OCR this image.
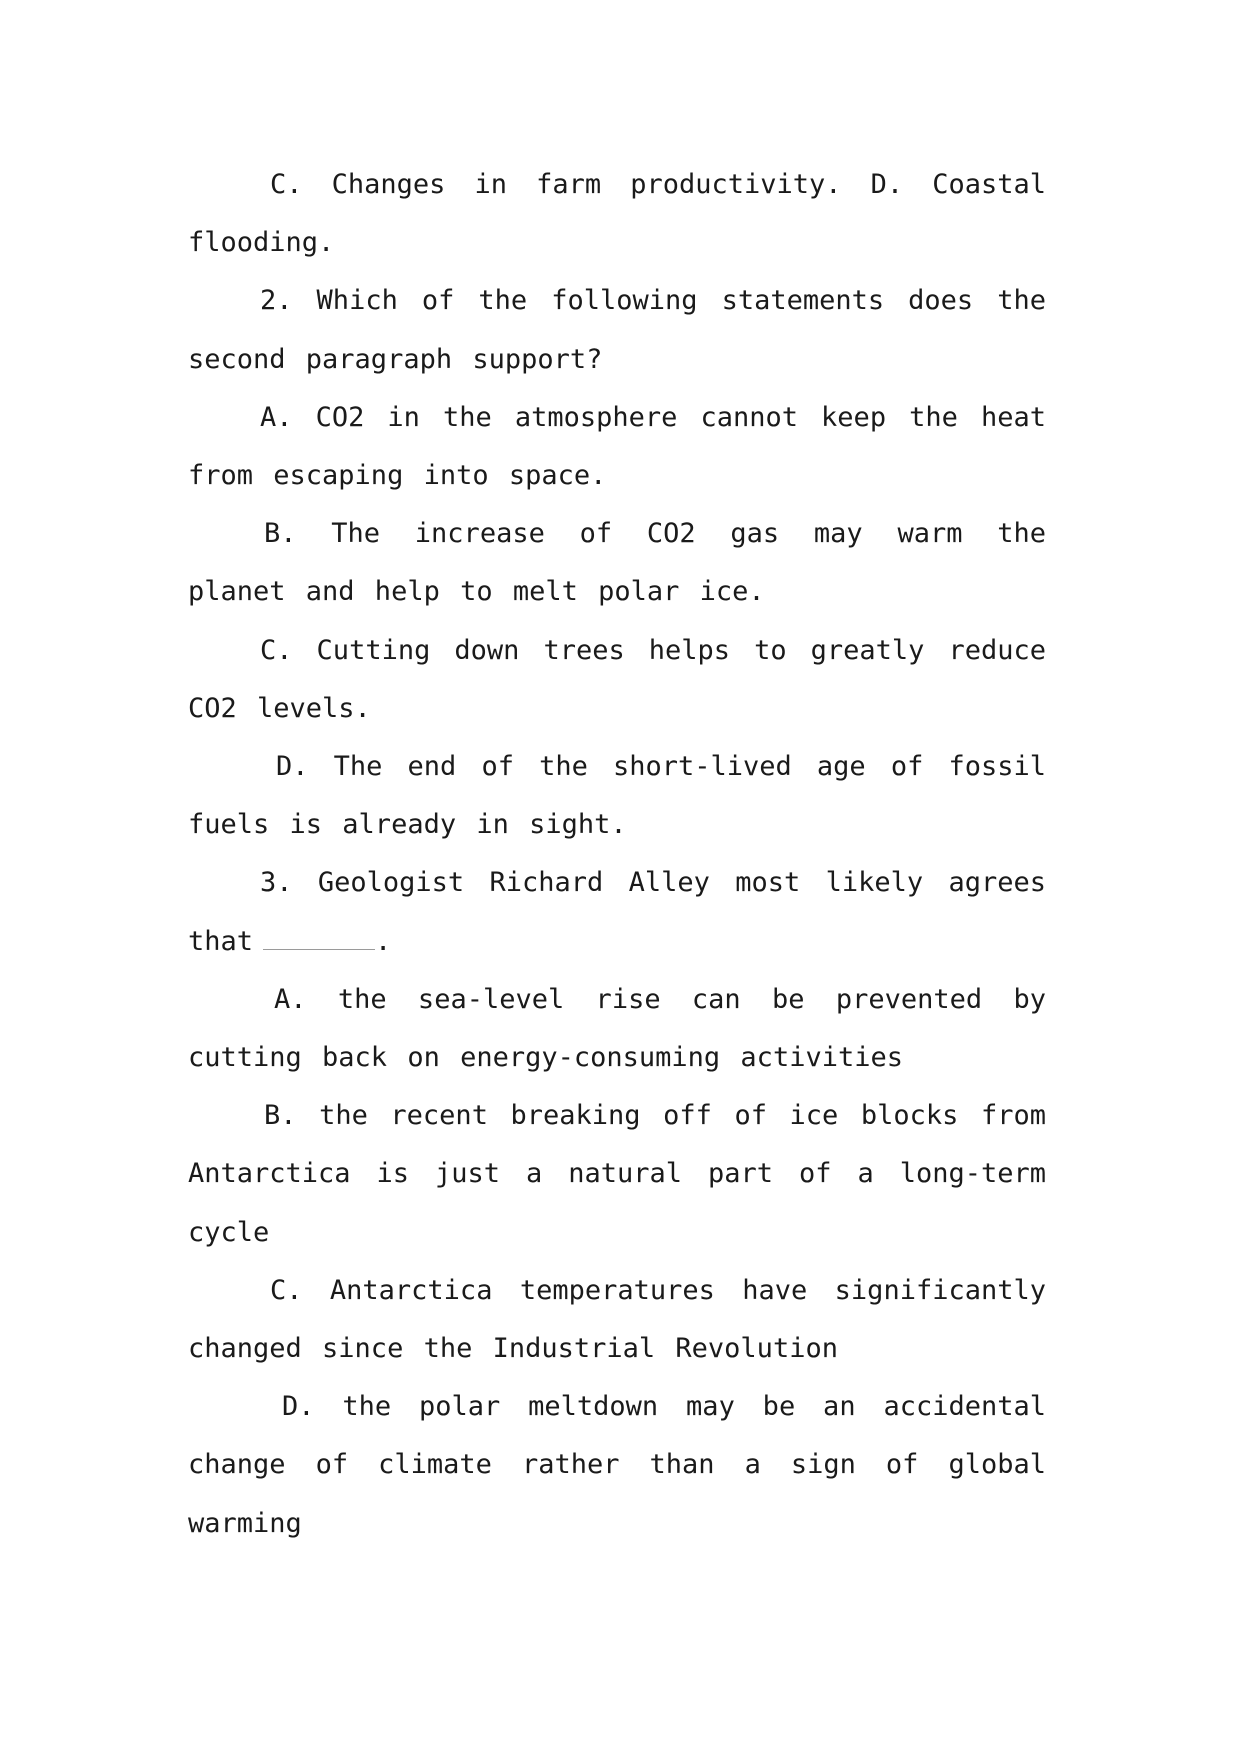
C. Changes in farm productivity. D. Coastal flooding.

2. Which of the following statements does the second paragraph support?

A. CO2 in the atmosphere cannot keep the heat from escaping into space.

B. The increase of CO2 gas may warm the planet and help to melt polar ice.

C. Cutting down trees helps to greatly reduce CO2 levels.

D. The end of the short-lived age of fossil fuels is already in sight.

3. Geologist Richard Alley most likely agrees that	.

A. the sea-level rise can be prevented by cutting back on energy-consuming activities

B. the recent breaking off of ice blocks from Antarctica is just a natural part of a long-term cycle

C. Antarctica temperatures have significantly changed since the Industrial Revolution

D. the polar meltdown may be an accidental change of climate rather than a sign of global warming
